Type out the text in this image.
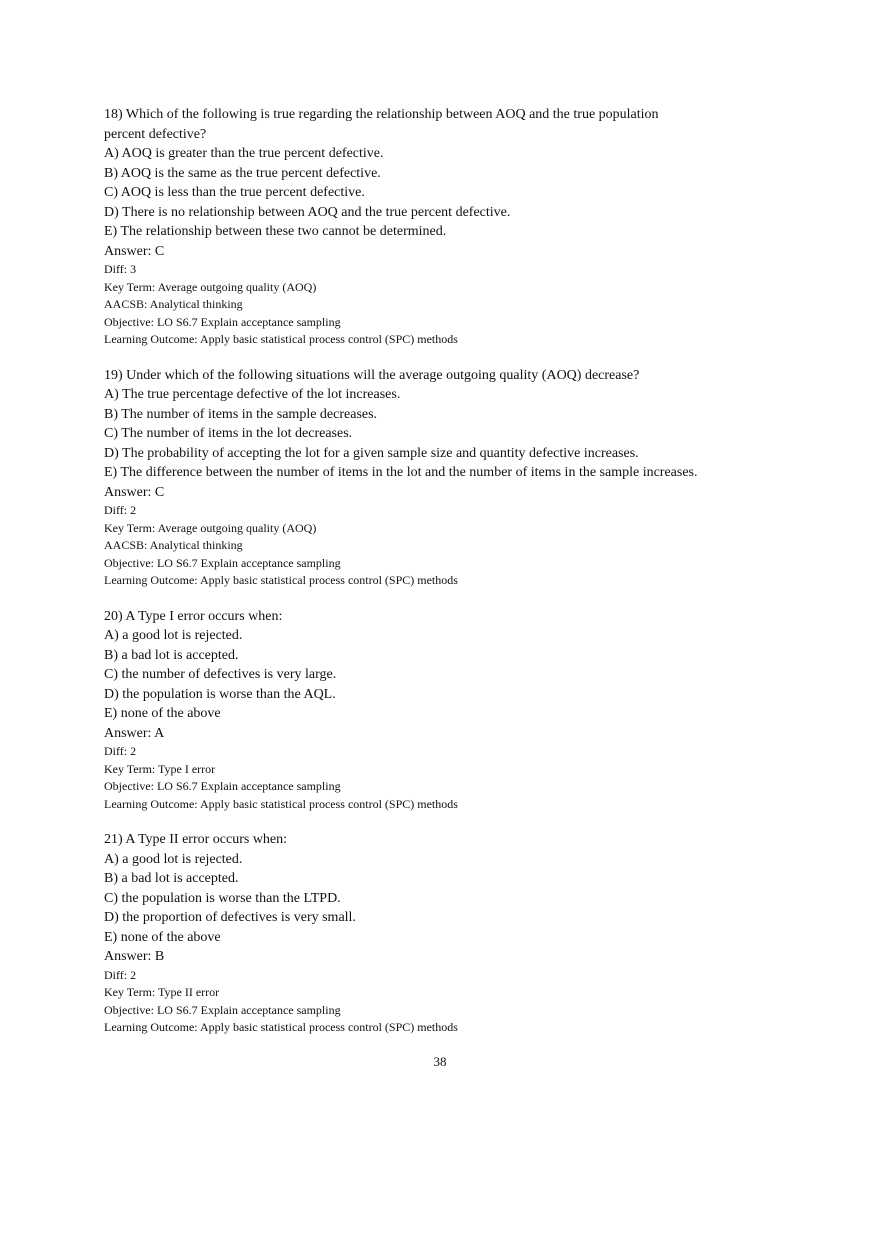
18) Which of the following is true regarding the relationship between AOQ and the true population
percent defective?
A) AOQ is greater than the true percent defective.
B) AOQ is the same as the true percent defective.
C) AOQ is less than the true percent defective.
D) There is no relationship between AOQ and the true percent defective.
E) The relationship between these two cannot be determined.
Answer: C
Diff: 3
Key Term: Average outgoing quality (AOQ)
AACSB: Analytical thinking
Objective: LO S6.7 Explain acceptance sampling
Learning Outcome: Apply basic statistical process control (SPC) methods
19) Under which of the following situations will the average outgoing quality (AOQ) decrease?
A) The true percentage defective of the lot increases.
B) The number of items in the sample decreases.
C) The number of items in the lot decreases.
D) The probability of accepting the lot for a given sample size and quantity defective increases.
E) The difference between the number of items in the lot and the number of items in the sample increases.
Answer: C
Diff: 2
Key Term: Average outgoing quality (AOQ)
AACSB: Analytical thinking
Objective: LO S6.7 Explain acceptance sampling
Learning Outcome: Apply basic statistical process control (SPC) methods
20) A Type I error occurs when:
A) a good lot is rejected.
B) a bad lot is accepted.
C) the number of defectives is very large.
D) the population is worse than the AQL.
E) none of the above
Answer: A
Diff: 2
Key Term: Type I error
Objective: LO S6.7 Explain acceptance sampling
Learning Outcome: Apply basic statistical process control (SPC) methods
21) A Type II error occurs when:
A) a good lot is rejected.
B) a bad lot is accepted.
C) the population is worse than the LTPD.
D) the proportion of defectives is very small.
E) none of the above
Answer: B
Diff: 2
Key Term: Type II error
Objective: LO S6.7 Explain acceptance sampling
Learning Outcome: Apply basic statistical process control (SPC) methods
38
